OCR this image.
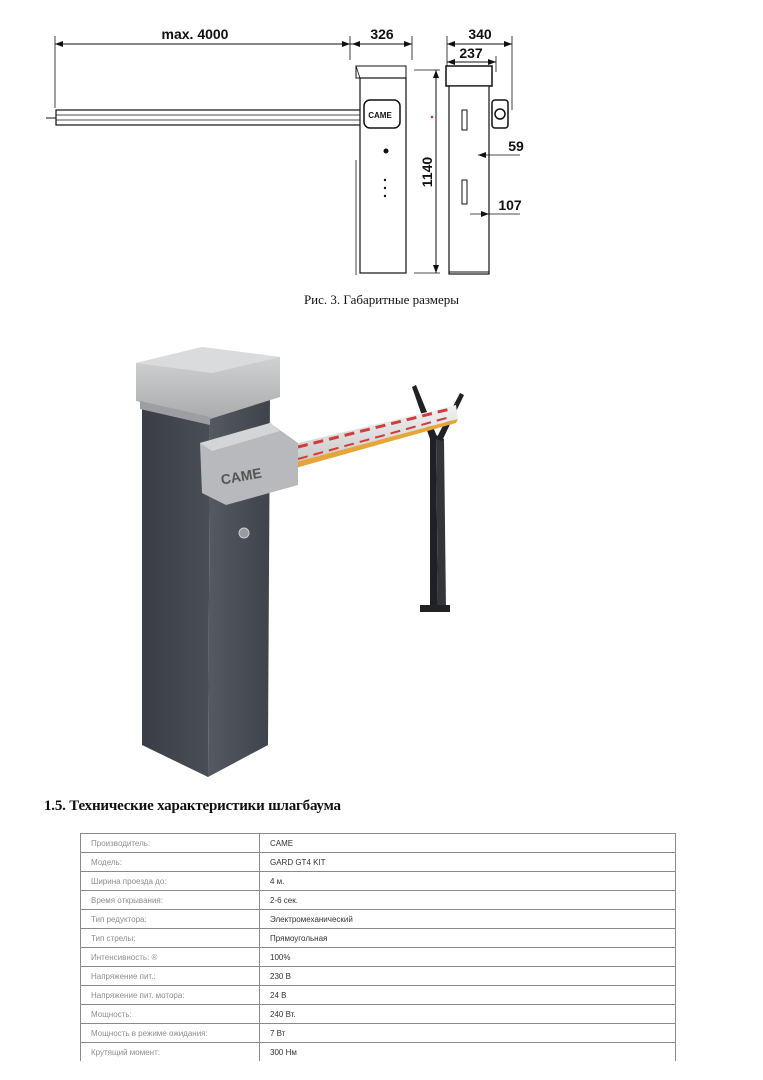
max. 4000	326
CAME
1140
340
237
59
107
Рис. 3. Габаритные размеры
CAME
1.5. Технические характеристики шлагбаума
Производитель:	CAME
Модель:	GARD GT4 KIT
Ширина проезда до:	4 м.
Время открывания:	2-6 сек.
Тип редуктора:	Электромеханический
Тип стрелы:	Прямоугольная
Интенсивность: ®	100%
Напряжение пит.:	230 В
Напряжение пит. мотора:	24 В
Мощность:	240 Вт.
Мощность в режиме ожидания:	7 Вт
Крутящий момент:	300 Нм
